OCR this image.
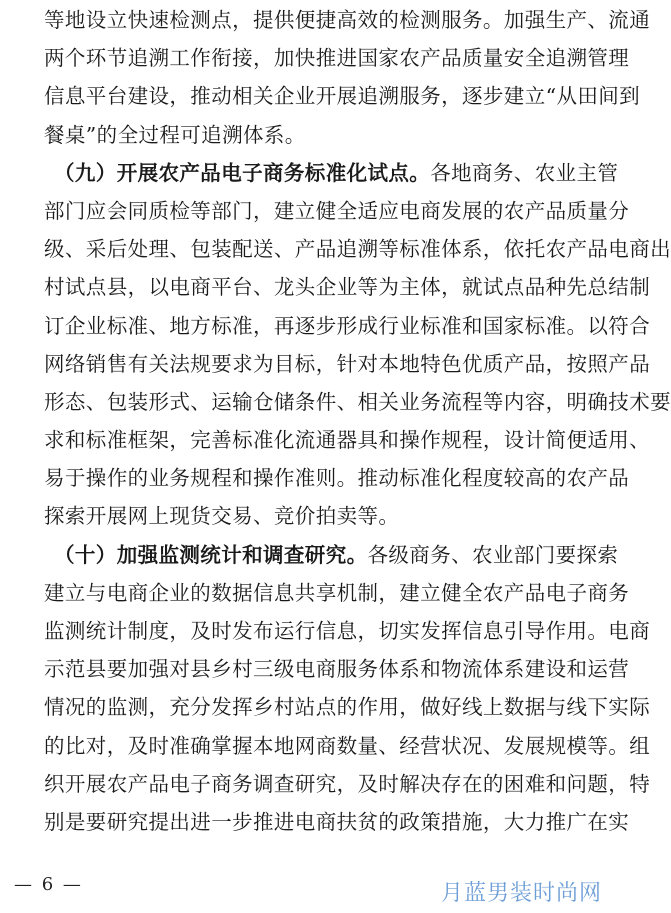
等地设立快速检测点，提供便捷高效的检测服务。加强生产、流通
两个环节追溯工作衔接，加快推进国家农产品质量安全追溯管理
信息平台建设，推动相关企业开展追溯服务，逐步建立“从田间到
餐桌”的全过程可追溯体系。
（九）开展农产品电子商务标准化试点。各地商务、农业主管
部门应会同质检等部门，建立健全适应电商发展的农产品质量分
级、采后处理、包装配送、产品追溯等标准体系，依托农产品电商出
村试点县，以电商平台、龙头企业等为主体，就试点品种先总结制
订企业标准、地方标准，再逐步形成行业标准和国家标准。以符合
网络销售有关法规要求为目标，针对本地特色优质产品，按照产品
形态、包装形式、运输仓储条件、相关业务流程等内容，明确技术要
求和标准框架，完善标准化流通器具和操作规程，设计简便适用、
易于操作的业务规程和操作准则。推动标准化程度较高的农产品
探索开展网上现货交易、竞价拍卖等。
（十）加强监测统计和调查研究。各级商务、农业部门要探索
建立与电商企业的数据信息共享机制，建立健全农产品电子商务
监测统计制度，及时发布运行信息，切实发挥信息引导作用。电商
示范县要加强对县乡村三级电商服务体系和物流体系建设和运营
情况的监测，充分发挥乡村站点的作用，做好线上数据与线下实际
的比对，及时准确掌握本地网商数量、经营状况、发展规模等。组
织开展农产品电子商务调查研究，及时解决存在的困难和问题，特
别是要研究提出进一步推进电商扶贫的政策措施，大力推广在实
— 6 —	月蓝男装时尚网
